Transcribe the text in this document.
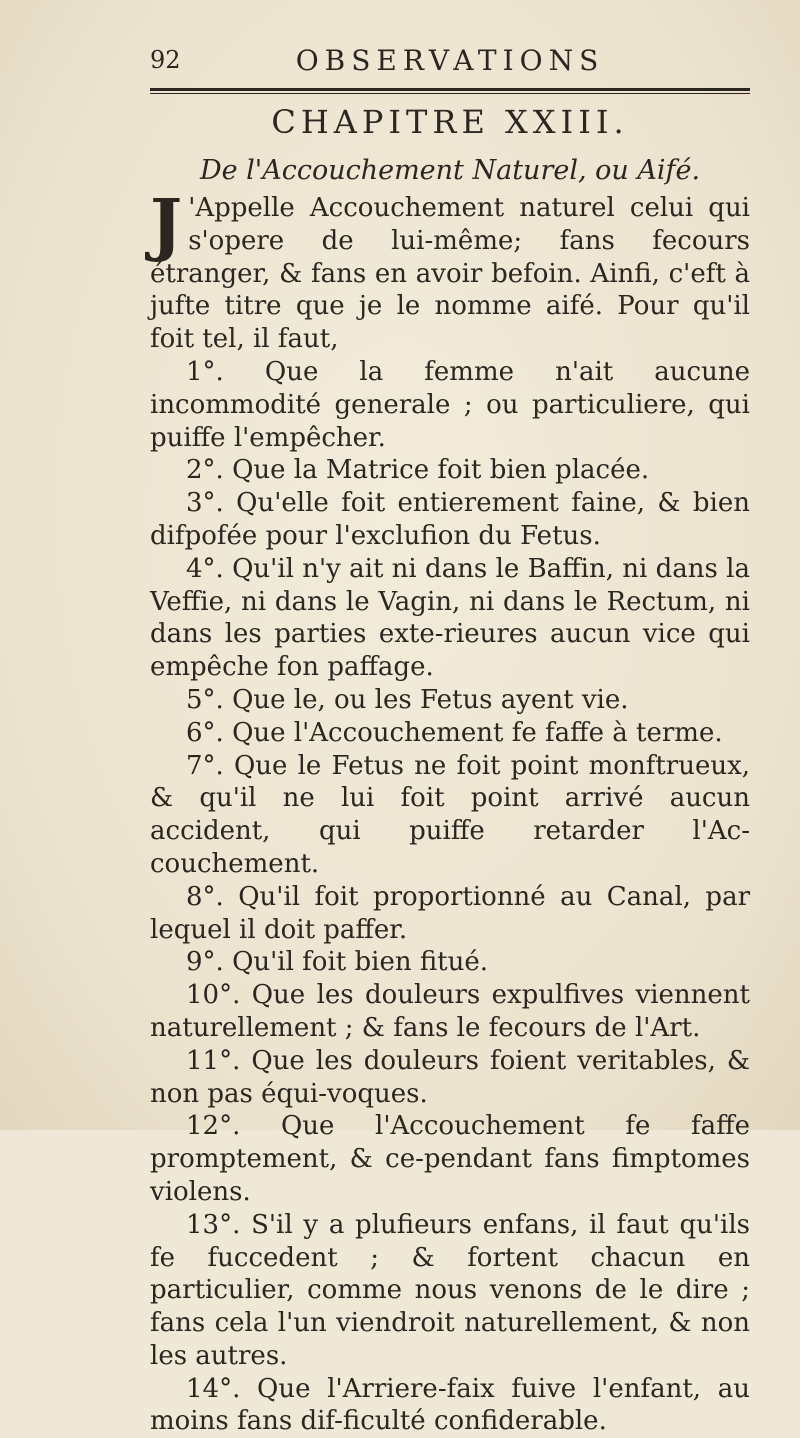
92	OBSERVATIONS
CHAPITRE XXIII.
De l'Accouchement Naturel, ou Aifé.

J 'Appelle Accouchement naturel celui qui s'opere de lui-même; fans fecours étranger, & fans en avoir befoin. Ainfi, c'eft à jufte titre que je le nomme aifé. Pour qu'il foit tel, il faut,

1°. Que la femme n'ait aucune incommodité generale ; ou particuliere, qui puiffe l'empêcher.

2°. Que la Matrice foit bien placée.

3°. Qu'elle foit entierement faine, & bien difpofée pour l'exclufion du Fetus.

4°. Qu'il n'y ait ni dans le Baffin, ni dans la Veffie, ni dans le Vagin, ni dans le Rectum, ni dans les parties exte-rieures aucun vice qui empêche fon paffage.

5°. Que le, ou les Fetus ayent vie.

6°. Que l'Accouchement fe faffe à terme.

7°. Que le Fetus ne foit point monftrueux, & qu'il ne lui foit point arrivé aucun accident, qui puiffe retarder l'Ac-couchement.

8°. Qu'il foit proportionné au Canal, par lequel il doit paffer.

9°. Qu'il foit bien fitué.

10°. Que les douleurs expulfives viennent naturellement ; & fans le fecours de l'Art.

11°. Que les douleurs foient veritables, & non pas équi-voques.

12°. Que l'Accouchement fe faffe promptement, & ce-pendant fans fimptomes violens.

13°. S'il y a plufieurs enfans, il faut qu'ils fe fuccedent ; & fortent chacun en particulier, comme nous venons de le dire ; fans cela l'un viendroit naturellement, & non les autres.

14°. Que l'Arriere-faix fuive l'enfant, au moins fans dif-ficulté confiderable.
